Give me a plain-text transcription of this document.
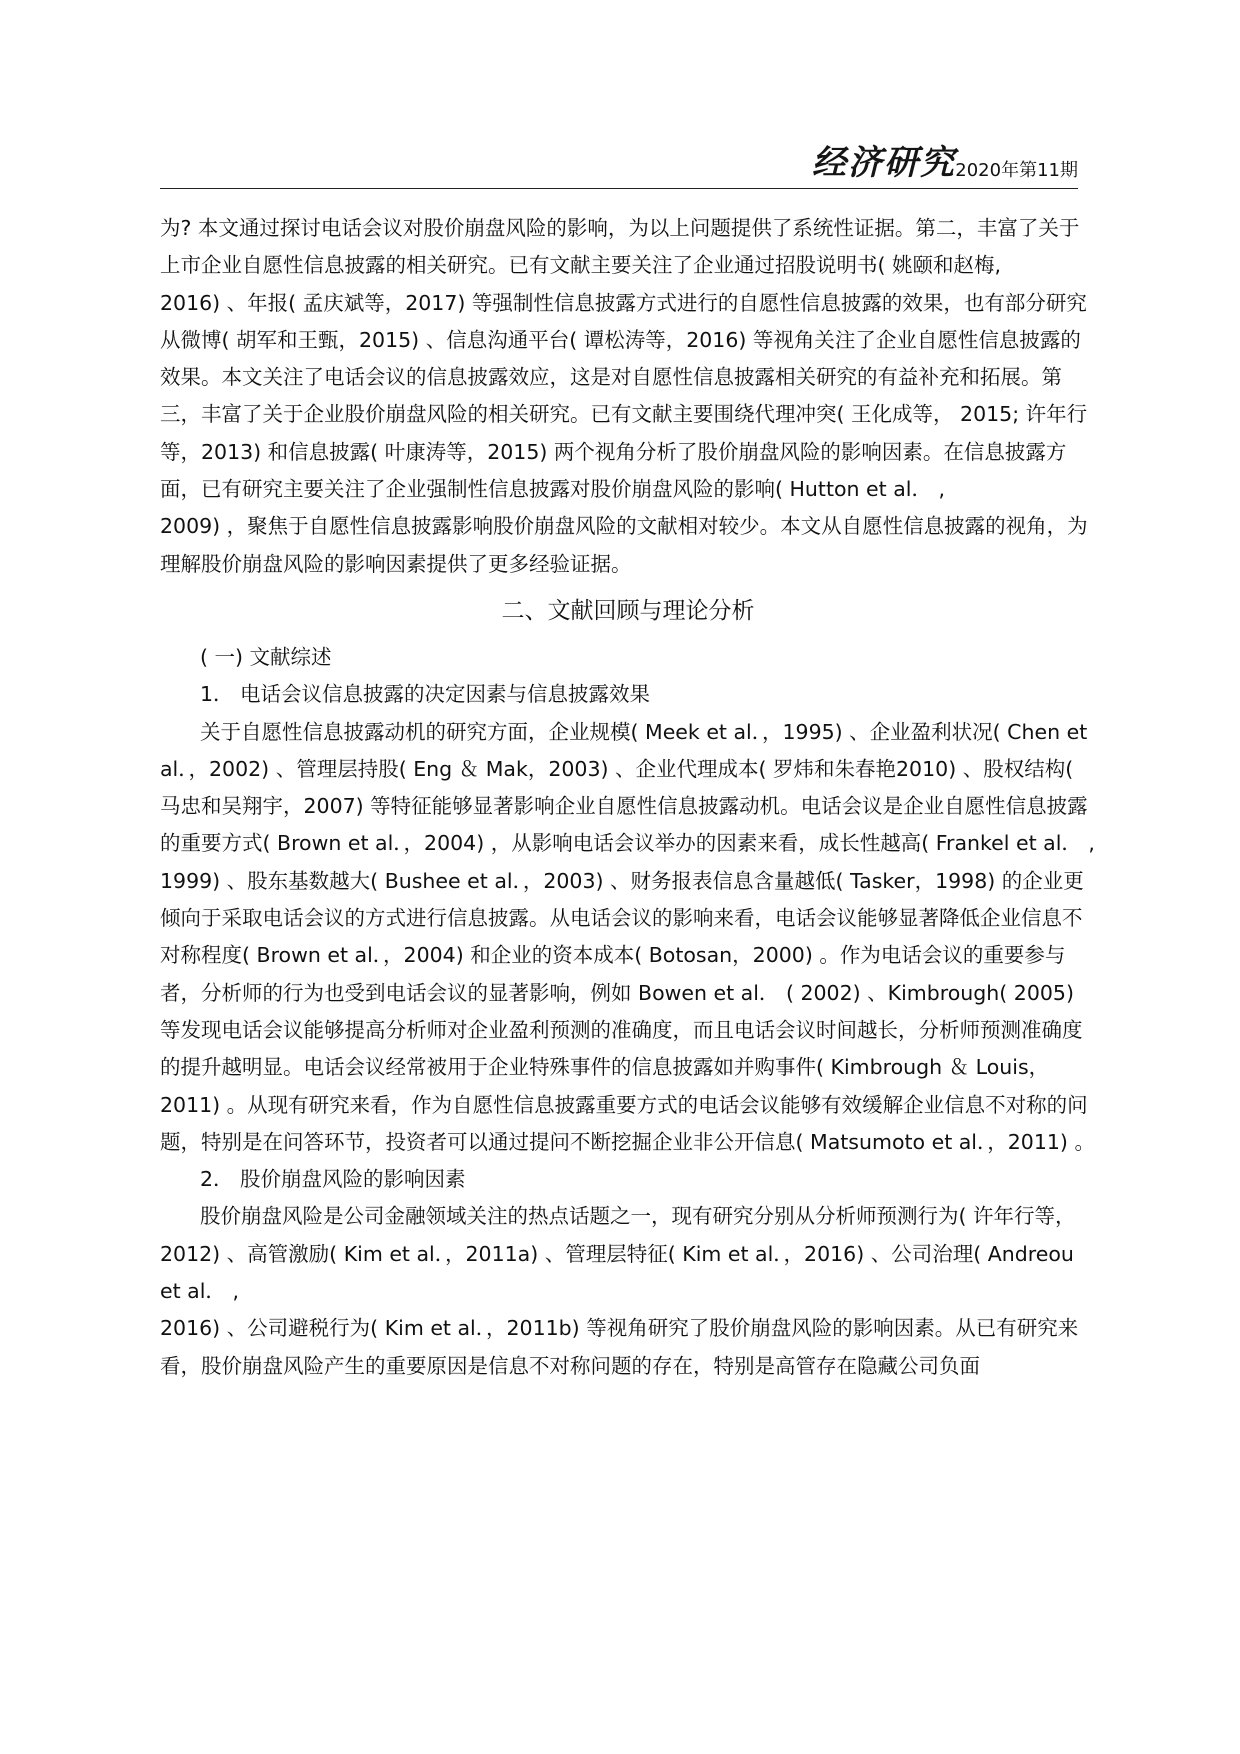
经济研究 2020年第11期

为? 本文通过探讨电话会议对股价崩盘风险的影响，为以上问题提供了系统性证据。第二，丰富了关于上市企业自愿性信息披露的相关研究。已有文献主要关注了企业通过招股说明书( 姚颐和赵梅,

2016) 、年报( 孟庆斌等，2017) 等强制性信息披露方式进行的自愿性信息披露的效果，也有部分研究从微博( 胡军和王甄，2015) 、信息沟通平台( 谭松涛等，2016) 等视角关注了企业自愿性信息披露的效果。本文关注了电话会议的信息披露效应，这是对自愿性信息披露相关研究的有益补充和拓展。第三，丰富了关于企业股价崩盘风险的相关研究。已有文献主要围绕代理冲突( 王化成等， 2015; 许年行等，2013) 和信息披露( 叶康涛等，2015) 两个视角分析了股价崩盘风险的影响因素。在信息披露方面，已有研究主要关注了企业强制性信息披露对股价崩盘风险的影响( Hutton et al． ,

2009) ，聚焦于自愿性信息披露影响股价崩盘风险的文献相对较少。本文从自愿性信息披露的视角，为理解股价崩盘风险的影响因素提供了更多经验证据。

二、文献回顾与理论分析

( 一) 文献综述

1． 电话会议信息披露的决定因素与信息披露效果

关于自愿性信息披露动机的研究方面，企业规模( Meek et al．，1995) 、企业盈利状况( Chen et al．，2002) 、管理层持股( Eng ＆ Mak，2003) 、企业代理成本( 罗炜和朱春艳2010) 、股权结构( 马忠和吴翔宇，2007) 等特征能够显著影响企业自愿性信息披露动机。电话会议是企业自愿性信息披露的重要方式( Brown et al．，2004) ，从影响电话会议举办的因素来看，成长性越高( Frankel et al． ,

1999) 、股东基数越大( Bushee et al．，2003) 、财务报表信息含量越低( Tasker，1998) 的企业更倾向于采取电话会议的方式进行信息披露。从电话会议的影响来看，电话会议能够显著降低企业信息不对称程度( Brown et al．，2004) 和企业的资本成本( Botosan，2000) 。作为电话会议的重要参与者，分析师的行为也受到电话会议的显著影响，例如 Bowen et al． ( 2002) 、Kimbrough( 2005) 等发现电话会议能够提高分析师对企业盈利预测的准确度，而且电话会议时间越长，分析师预测准确度的提升越明显。电话会议经常被用于企业特殊事件的信息披露如并购事件( Kimbrough ＆ Louis，2011) 。从现有研究来看，作为自愿性信息披露重要方式的电话会议能够有效缓解企业信息不对称的问题，特别是在问答环节，投资者可以通过提问不断挖掘企业非公开信息( Matsumoto et al．，2011) 。

2． 股价崩盘风险的影响因素

股价崩盘风险是公司金融领域关注的热点话题之一，现有研究分别从分析师预测行为( 许年行等，2012) 、高管激励( Kim et al．，2011a) 、管理层特征( Kim et al．，2016) 、公司治理( Andreou et al． ,

2016) 、公司避税行为( Kim et al．，2011b) 等视角研究了股价崩盘风险的影响因素。从已有研究来看，股价崩盘风险产生的重要原因是信息不对称问题的存在，特别是高管存在隐藏公司负面
